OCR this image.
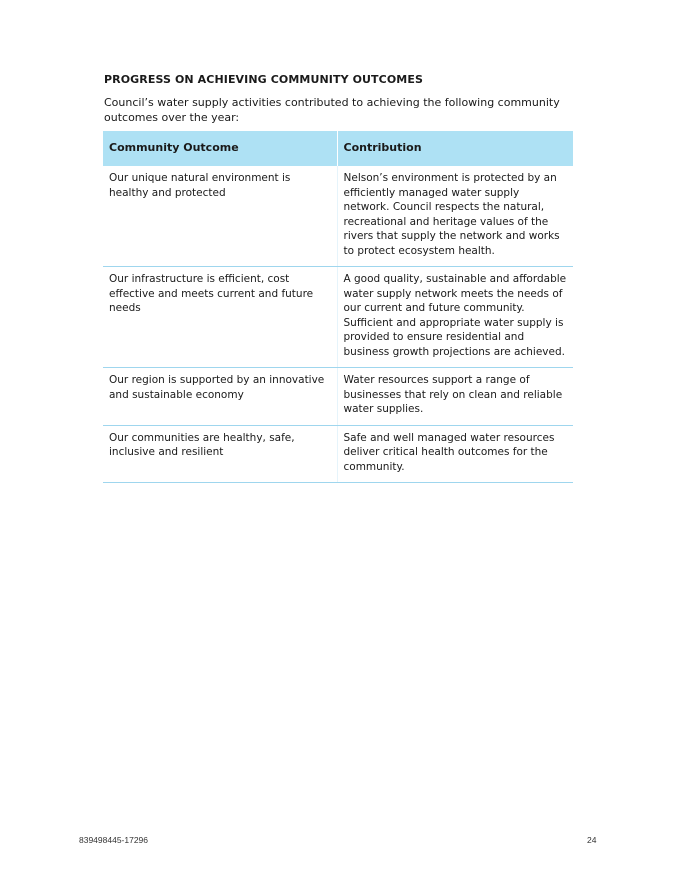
PROGRESS ON ACHIEVING COMMUNITY OUTCOMES

Council’s water supply activities contributed to achieving the following community outcomes over the year:

Community Outcome	Contribution
Our unique natural environment is healthy and protected	Nelson’s environment is protected by an efficiently managed water supply network. Council respects the natural, recreational and heritage values of the rivers that supply the network and works to protect ecosystem health.
Our infrastructure is efficient, cost effective and meets current and future needs	A good quality, sustainable and affordable water supply network meets the needs of our current and future community. Sufficient and appropriate water supply is provided to ensure residential and business growth projections are achieved.
Our region is supported by an innovative and sustainable economy	Water resources support a range of businesses that rely on clean and reliable water supplies.
Our communities are healthy, safe, inclusive and resilient	Safe and well managed water resources deliver critical health outcomes for the community.
839498445-17296	24
